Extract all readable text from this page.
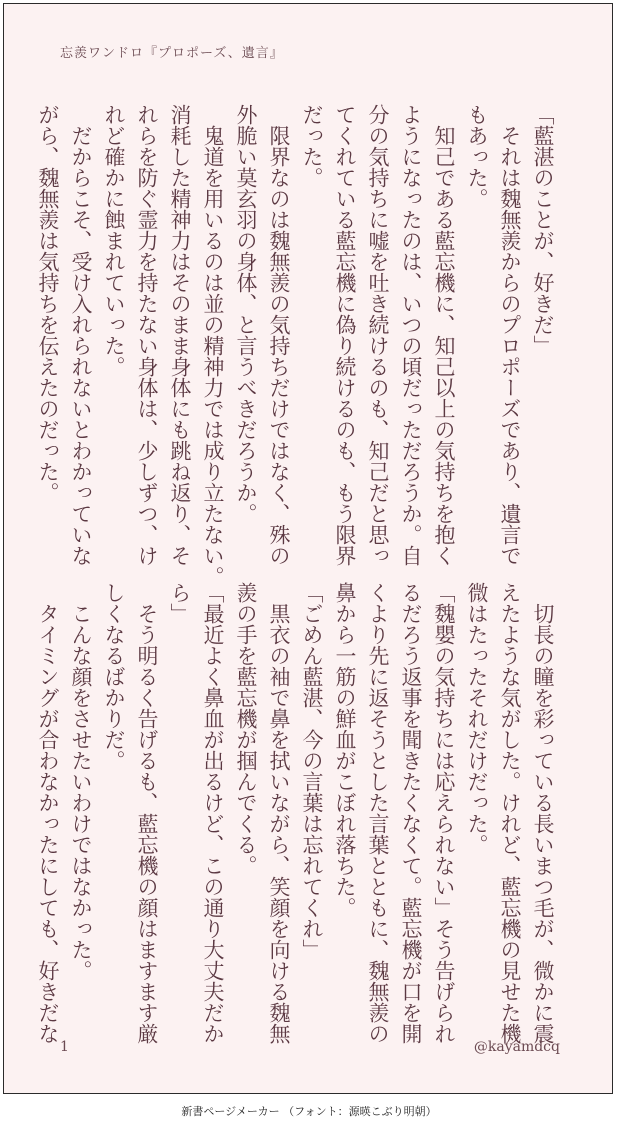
忘羨ワンドロ『プロポーズ、遺言』
「藍湛のことが、好きだ」
　それは魏無羨からのプロポーズであり、遺言で
もあった。
　知己である藍忘機に、知己以上の気持ちを抱く
ようになったのは、いつの頃だっただろうか。自
分の気持ちに嘘を吐き続けるのも、知己だと思っ
てくれている藍忘機に偽り続けるのも、もう限界
だった。
　限界なのは魏無羨の気持ちだけではなく、殊の
外脆い莫玄羽の身体、と言うべきだろうか。
　鬼道を用いるのは並の精神力では成り立たない。
消耗した精神力はそのまま身体にも跳ね返り、そ
れらを防ぐ霊力を持たない身体は、少しずつ、け
れど確かに蝕まれていった。
　だからこそ、受け入れられないとわかっていな
がら、魏無羨は気持ちを伝えたのだった。
　切長の瞳を彩っている長いまつ毛が、微かに震
えたような気がした。けれど、藍忘機の見せた機
微はたったそれだけだった。
「魏嬰の気持ちには応えられない」そう告げられ
るだろう返事を聞きたくなくて。藍忘機が口を開
くより先に返そうとした言葉とともに、魏無羨の
鼻から一筋の鮮血がこぼれ落ちた。
「ごめん藍湛、今の言葉は忘れてくれ」
　黒衣の袖で鼻を拭いながら、笑顔を向ける魏無
羨の手を藍忘機が掴んでくる。
「最近よく鼻血が出るけど、この通り大丈夫だか
ら」
　そう明るく告げるも、藍忘機の顔はますます厳
しくなるばかりだ。
　こんな顔をさせたいわけではなかった。
　タイミングが合わなかったにしても、好きだな
1	@kayamdcq
新書ページメーカー （フォント：源暎こぶり明朝）
